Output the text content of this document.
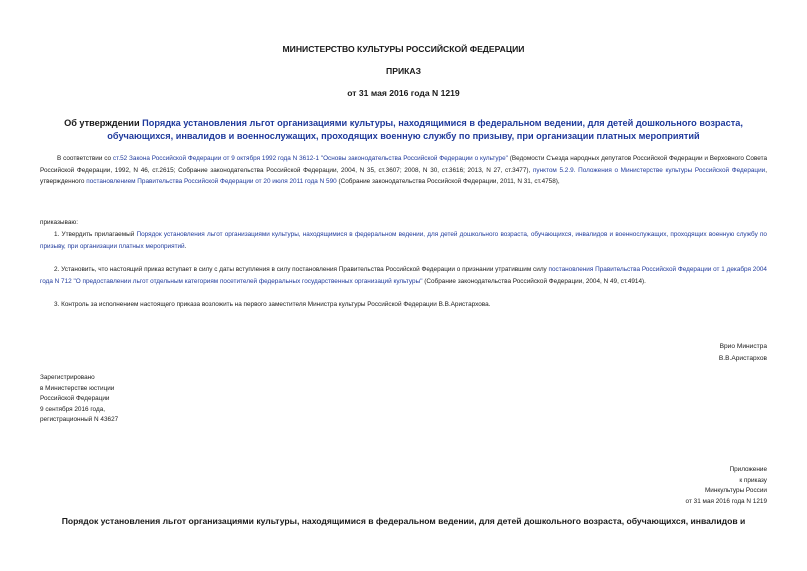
МИНИСТЕРСТВО КУЛЬТУРЫ РОССИЙСКОЙ ФЕДЕРАЦИИ
ПРИКАЗ
от 31 мая 2016 года N 1219
Об утверждении Порядка установления льгот организациями культуры, находящимися в федеральном ведении, для детей дошкольного возраста, обучающихся, инвалидов и военнослужащих, проходящих военную службу по призыву, при организации платных мероприятий
В соответствии со ст.52 Закона Российской Федерации от 9 октября 1992 года N 3612-1 "Основы законодательства Российской Федерации о культуре" (Ведомости Съезда народных депутатов Российской Федерации и Верховного Совета Российской Федерации, 1992, N 46, ст.2615; Собрание законодательства Российской Федерации, 2004, N 35, ст.3607; 2008, N 30, ст.3616; 2013, N 27, ст.3477), пунктом 5.2.9. Положения о Министерстве культуры Российской Федерации, утвержденного постановлением Правительства Российской Федерации от 20 июля 2011 года N 590 (Собрание законодательства Российской Федерации, 2011, N 31, ст.4758),
приказываю:
1. Утвердить прилагаемый Порядок установления льгот организациями культуры, находящимися в федеральном ведении, для детей дошкольного возраста, обучающихся, инвалидов и военнослужащих, проходящих военную службу по призыву, при организации платных мероприятий.
2. Установить, что настоящий приказ вступает в силу с даты вступления в силу постановления Правительства Российской Федерации о признании утратившим силу постановления Правительства Российской Федерации от 1 декабря 2004 года N 712 "О предоставлении льгот отдельным категориям посетителей федеральных государственных организаций культуры" (Собрание законодательства Российской Федерации, 2004, N 49, ст.4914).
3. Контроль за исполнением настоящего приказа возложить на первого заместителя Министра культуры Российской Федерации В.В.Аристархова.
Врио Министра
В.В.Аристархов
Зарегистрировано
в Министерстве юстиции
Российской Федерации
9 сентября 2016 года,
регистрационный N 43627
Приложение
к приказу
Минкультуры России
от 31 мая 2016 года N 1219
Порядок установления льгот организациями культуры, находящимися в федеральном ведении, для детей дошкольного возраста, обучающихся, инвалидов и
